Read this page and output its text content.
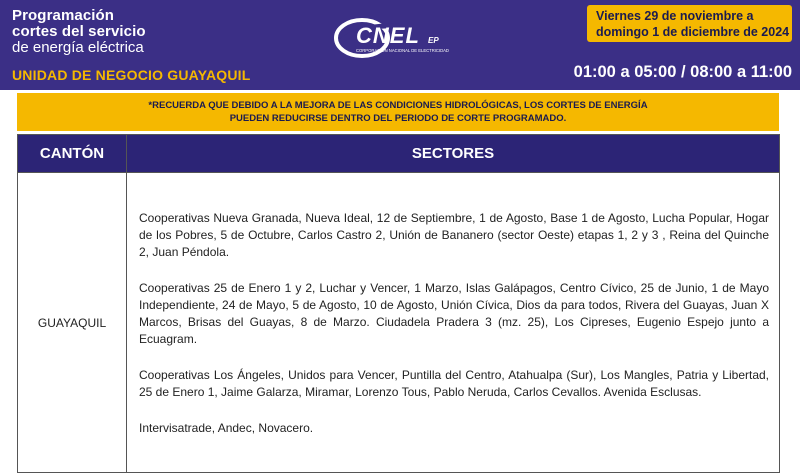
Programación
cortes del servicio
de energía eléctrica
UNIDAD DE NEGOCIO GUAYAQUIL
CNEL EP
CORPORACIÓN NACIONAL DE ELECTRICIDAD
Viernes 29 de noviembre a
domingo 1 de diciembre de 2024
01:00 a 05:00 / 08:00 a 11:00
*RECUERDA QUE DEBIDO A LA MEJORA DE LAS CONDICIONES HIDROLÓGICAS, LOS CORTES DE ENERGÍA
PUEDEN REDUCIRSE DENTRO DEL PERIODO DE CORTE PROGRAMADO.
CANTÓN	SECTORES
GUAYAQUIL	Cooperativas Nueva Granada, Nueva Ideal, 12 de Septiembre, 1 de Agosto, Base 1 de Agosto, Lucha Popular, Hogar de los Pobres, 5 de Octubre, Carlos Castro 2, Unión de Bananero (sector Oeste) etapas 1, 2 y 3 , Reina del Quinche 2, Juan Péndola.

Cooperativas 25 de Enero 1 y 2, Luchar y Vencer, 1 Marzo, Islas Galápagos, Centro Cívico, 25 de Junio, 1 de Mayo Independiente, 24 de Mayo, 5 de Agosto, 10 de Agosto, Unión Cívica, Dios da para todos, Rivera del Guayas, Juan X Marcos, Brisas del Guayas, 8 de Marzo. Ciudadela Pradera 3 (mz. 25), Los Cipreses, Eugenio Espejo junto a Ecuagram.

Cooperativas Los Ángeles, Unidos para Vencer, Puntilla del Centro, Atahualpa (Sur), Los Mangles, Patria y Libertad, 25 de Enero 1, Jaime Galarza, Miramar, Lorenzo Tous, Pablo Neruda, Carlos Cevallos. Avenida Esclusas.

Intervisatrade, Andec, Novacero.
